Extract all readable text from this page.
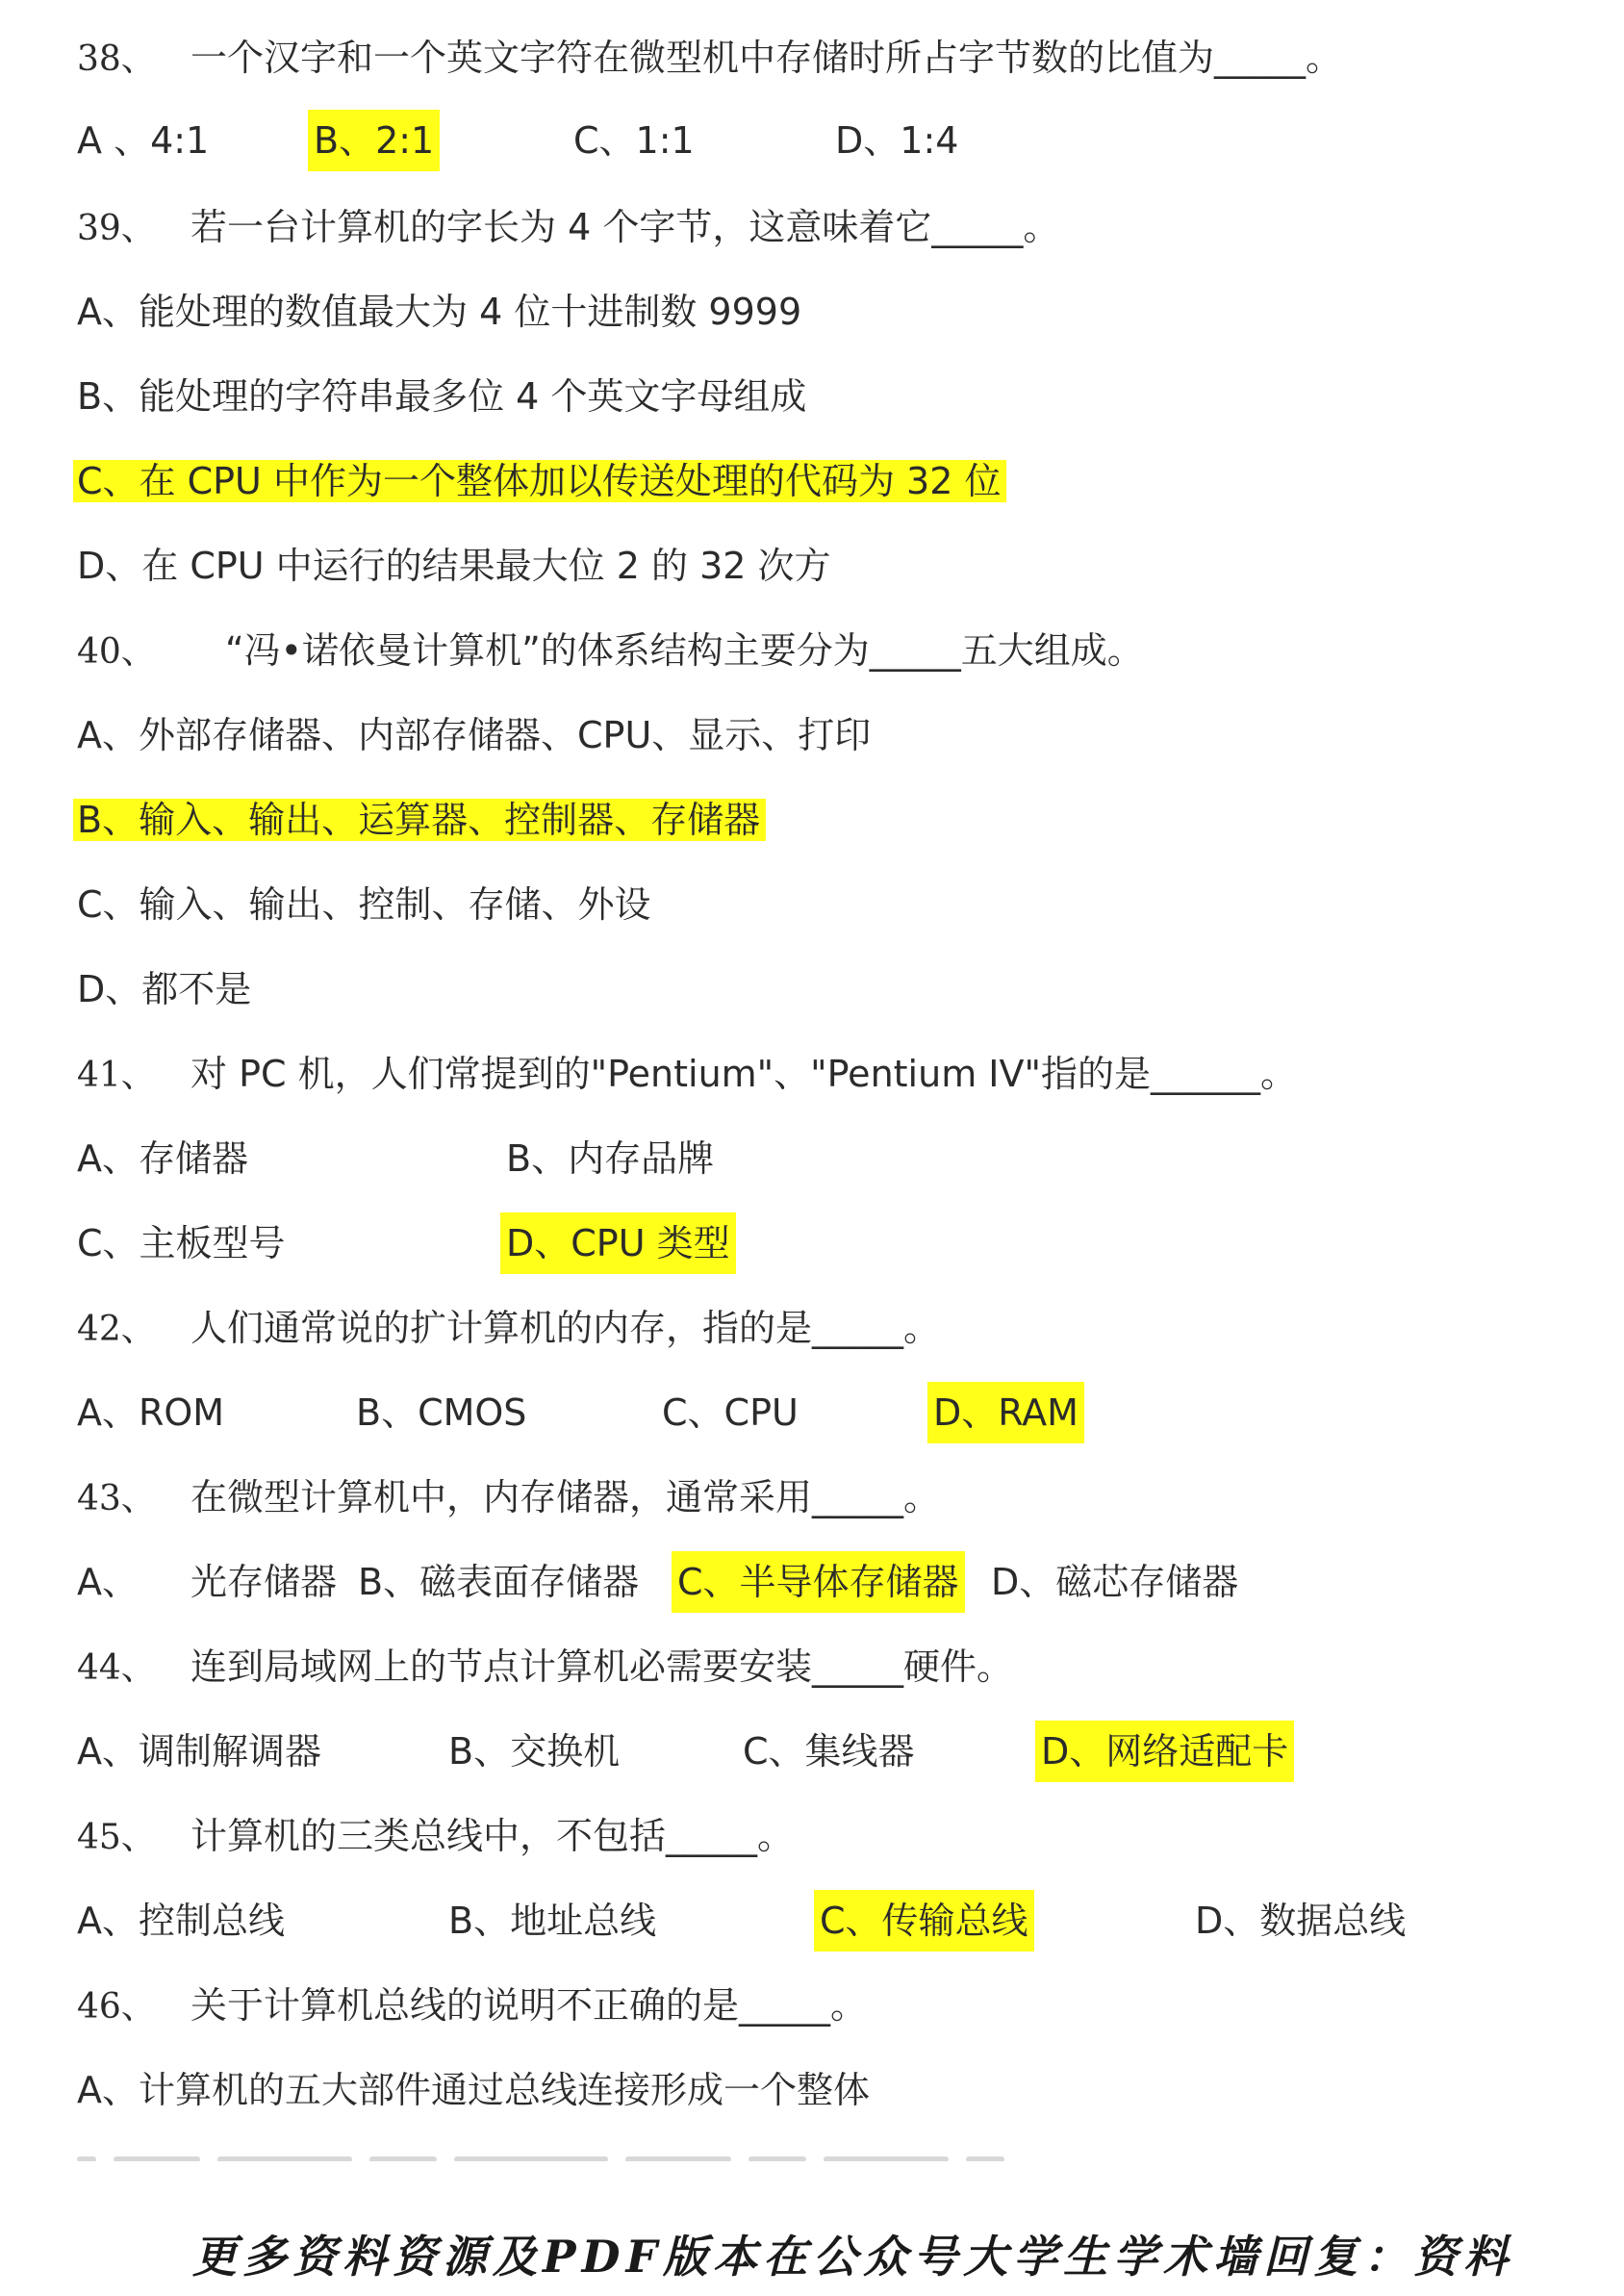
38、 一个汉字和一个英文字符在微型机中存储时所占字节数的比值为_____。
A 、4:1	B、2:1	C、1:1	D、1:4
39、 若一台计算机的字长为 4 个字节，这意味着它_____。
A、能处理的数值最大为 4 位十进制数 9999
B、能处理的字符串最多位 4 个英文字母组成
C、在 CPU 中作为一个整体加以传送处理的代码为 32 位
D、在 CPU 中运行的结果最大位 2 的 32 次方
40、 “冯•诺依曼计算机”的体系结构主要分为_____五大组成。
A、外部存储器、内部存储器、CPU、显示、打印
B、输入、输出、运算器、控制器、存储器
C、输入、输出、控制、存储、外设
D、都不是
41、 对 PC 机，人们常提到的"Pentium"、"Pentium IV"指的是______。
A、存储器	B、内存品牌
C、主板型号	D、CPU 类型
42、 人们通常说的扩计算机的内存，指的是_____。
A、ROM	B、CMOS	C、CPU	D、RAM
43、 在微型计算机中，内存储器，通常采用_____。
A、 光存储器 B、磁表面存储器 C、半导体存储器 D、磁芯存储器
44、 连到局域网上的节点计算机必需要安装_____硬件。
A、调制解调器	B、交换机	C、集线器	D、网络适配卡
45、 计算机的三类总线中，不包括_____。
A、控制总线	B、地址总线	C、传输总线	D、数据总线
46、 关于计算机总线的说明不正确的是_____。
A、计算机的五大部件通过总线连接形成一个整体
更多资料资源及PDF版本在公众号大学生学术墙回复：资料
